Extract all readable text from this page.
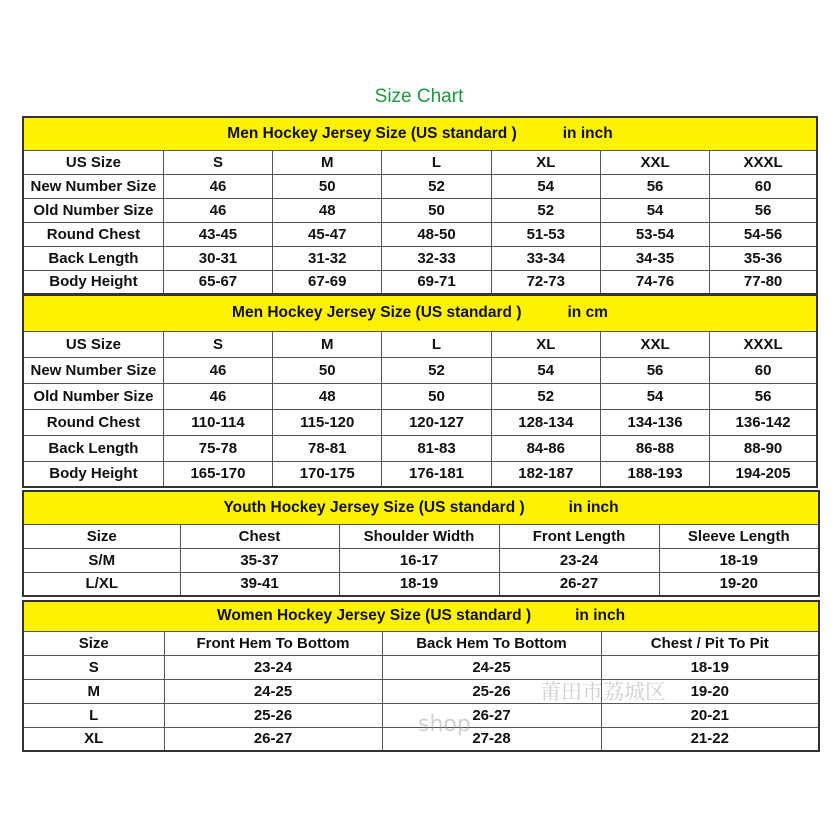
Size Chart
Men Hockey Jersey Size (US standard ) in inch						
US Size	S	M	L	XL	XXL	XXXL
New Number Size	46	50	52	54	56	60
Old Number Size	46	48	50	52	54	56
Round Chest	43-45	45-47	48-50	51-53	53-54	54-56
Back Length	30-31	31-32	32-33	33-34	34-35	35-36
Body Height	65-67	67-69	69-71	72-73	74-76	77-80
Men Hockey Jersey Size (US standard ) in cm						
US Size	S	M	L	XL	XXL	XXXL
New Number Size	46	50	52	54	56	60
Old Number Size	46	48	50	52	54	56
Round Chest	110-114	115-120	120-127	128-134	134-136	136-142
Back Length	75-78	78-81	81-83	84-86	86-88	88-90
Body Height	165-170	170-175	176-181	182-187	188-193	194-205
Youth Hockey Jersey Size (US standard ) in inch				
Size	Chest	Shoulder Width	Front Length	Sleeve Length
S/M	35-37	16-17	23-24	18-19
L/XL	39-41	18-19	26-27	19-20
Women Hockey Jersey Size (US standard ) in inch			
Size	Front Hem To Bottom	Back Hem To Bottom	Chest / Pit To Pit
S	23-24	24-25	18-19
M	24-25	25-26	19-20
L	25-26	26-27	20-21
XL	26-27	27-28	21-22
莆田市荔城区
shop
